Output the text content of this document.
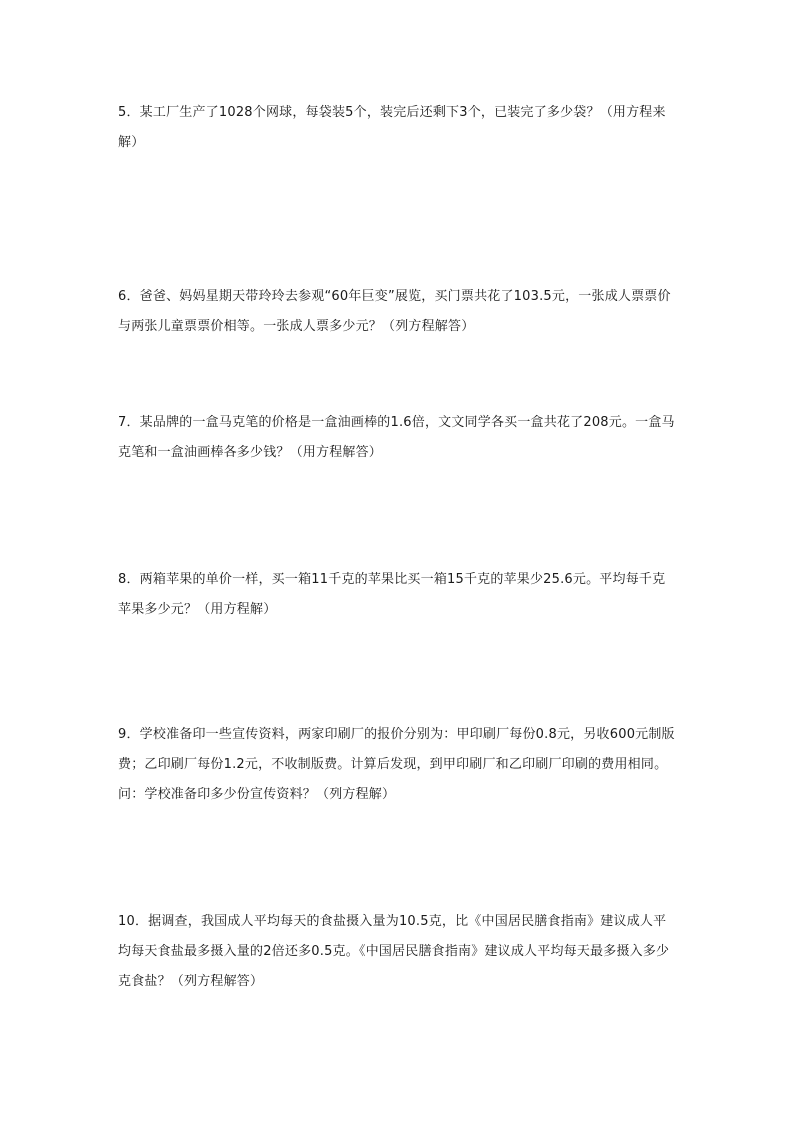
5．某工厂生产了1028个网球，每袋装5个，装完后还剩下3个，已装完了多少袋？（用方程来解）

6．爸爸、妈妈星期天带玲玲去参观“60年巨变”展览，买门票共花了103.5元，一张成人票票价与两张儿童票票价相等。一张成人票多少元？（列方程解答）

7．某品牌的一盒马克笔的价格是一盒油画棒的1.6倍，文文同学各买一盒共花了208元。一盒马克笔和一盒油画棒各多少钱？（用方程解答）

8．两箱苹果的单价一样，买一箱11千克的苹果比买一箱15千克的苹果少25.6元。平均每千克苹果多少元？（用方程解）

9．学校准备印一些宣传资料，两家印刷厂的报价分别为：甲印刷厂每份0.8元，另收600元制版费；乙印刷厂每份1.2元，不收制版费。计算后发现，到甲印刷厂和乙印刷厂印刷的费用相同。问：学校准备印多少份宣传资料？（列方程解）

10．据调查，我国成人平均每天的食盐摄入量为10.5克，比《中国居民膳食指南》建议成人平均每天食盐最多摄入量的2倍还多0.5克。《中国居民膳食指南》建议成人平均每天最多摄入多少克食盐？（列方程解答）
